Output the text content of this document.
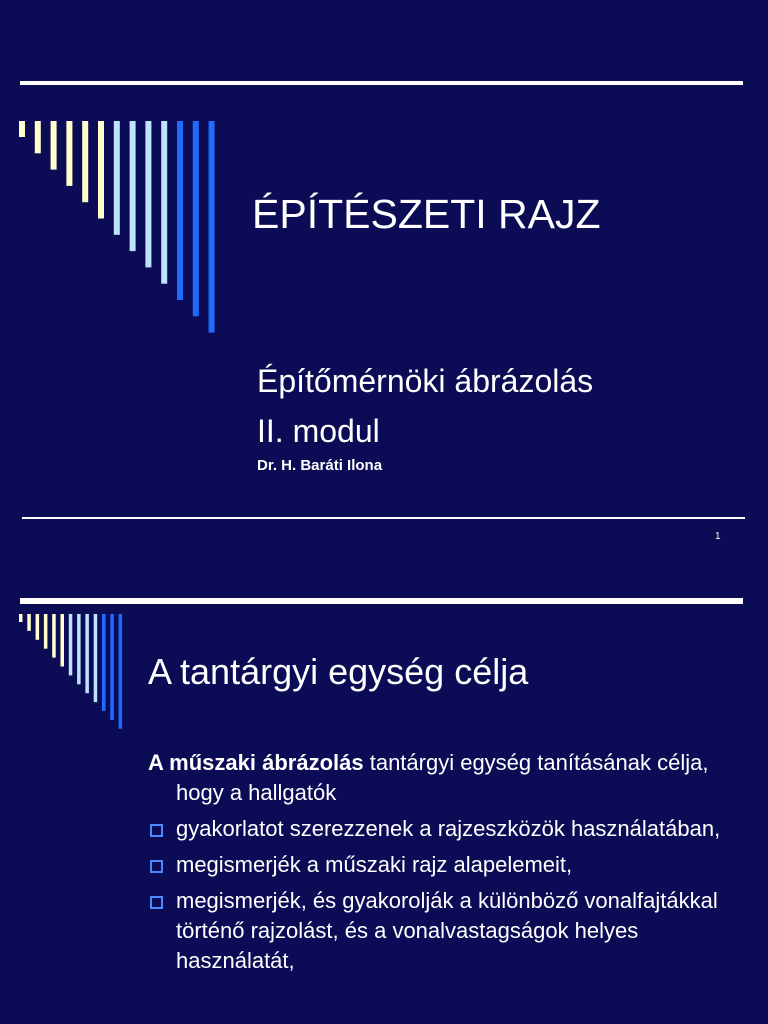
ÉPÍTÉSZETI RAJZ
Építőmérnöki ábrázolás
II. modul
Dr. H. Baráti Ilona
1
A tantárgyi egység célja

A műszaki ábrázolás tantárgyi egység tanításának célja, hogy a hallgatók

gyakorlatot szerezzenek a rajzeszközök használatában,
megismerjék a műszaki rajz alapelemeit,
megismerjék, és gyakorolják a különböző vonalfajtákkal történő rajzolást, és a vonalvastagságok helyes használatát,
